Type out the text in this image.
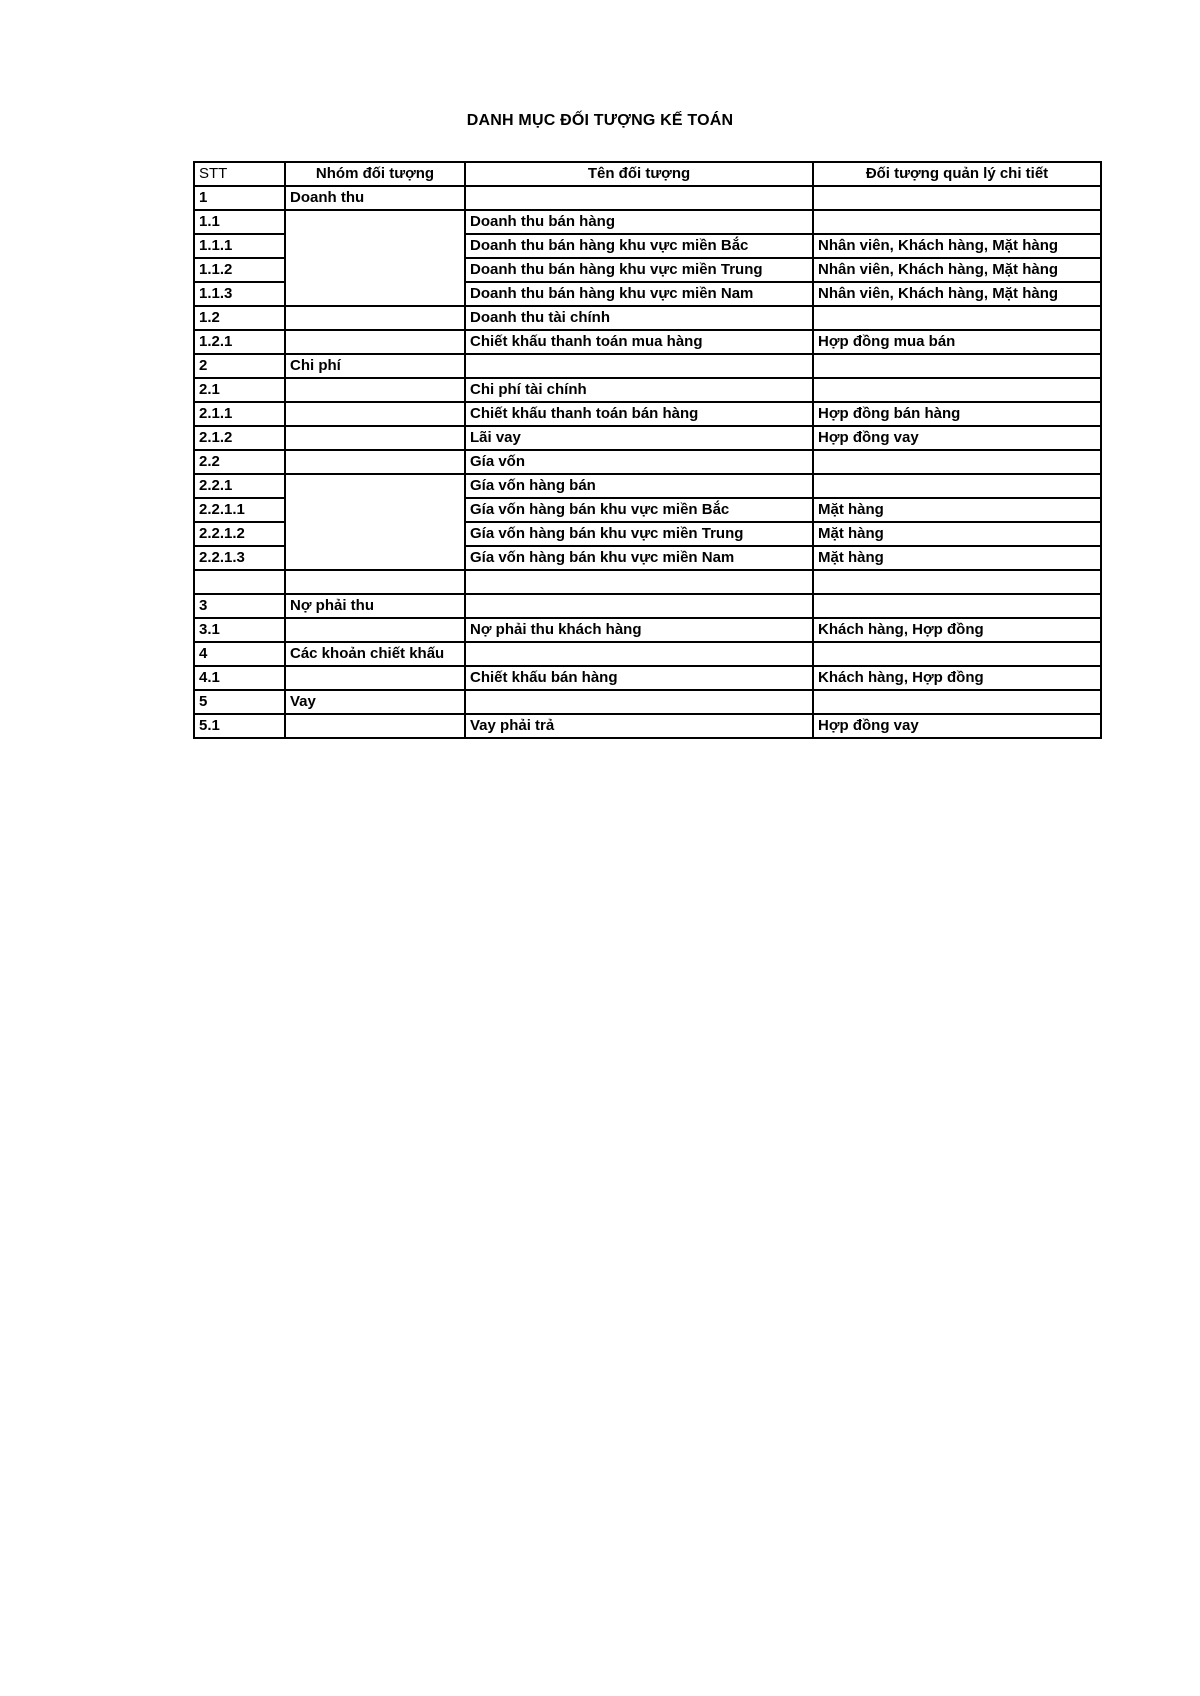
DANH MỤC ĐỐI TƯỢNG KẾ TOÁN
STT	Nhóm đối tượng	Tên đối tượng	Đối tượng quản lý chi tiết
1	Doanh thu		
1.1		Doanh thu bán hàng	
1.1.1		Doanh thu bán hàng khu vực miền Bắc	Nhân viên, Khách hàng, Mặt hàng
1.1.2		Doanh thu bán hàng khu vực miền Trung	Nhân viên, Khách hàng, Mặt hàng
1.1.3		Doanh thu bán hàng khu vực miền Nam	Nhân viên, Khách hàng, Mặt hàng
1.2		Doanh thu tài chính	
1.2.1		Chiết khấu thanh toán mua hàng	Hợp đồng mua bán
2	Chi phí		
2.1		Chi phí tài chính	
2.1.1		Chiết khấu thanh toán bán hàng	Hợp đồng bán hàng
2.1.2		Lãi vay	Hợp đồng vay
2.2		Gía vốn	
2.2.1		Gía vốn hàng bán	
2.2.1.1		Gía vốn hàng bán khu vực miền Bắc	Mặt hàng
2.2.1.2		Gía vốn hàng bán khu vực miền Trung	Mặt hàng
2.2.1.3		Gía vốn hàng bán khu vực miền Nam	Mặt hàng

3	Nợ phải thu		
3.1		Nợ phải thu khách hàng	Khách hàng, Hợp đồng
4	Các khoản chiết khấu		
4.1		Chiết khấu bán hàng	Khách hàng, Hợp đồng
5	Vay		
5.1		Vay phải trả	Hợp đồng vay
